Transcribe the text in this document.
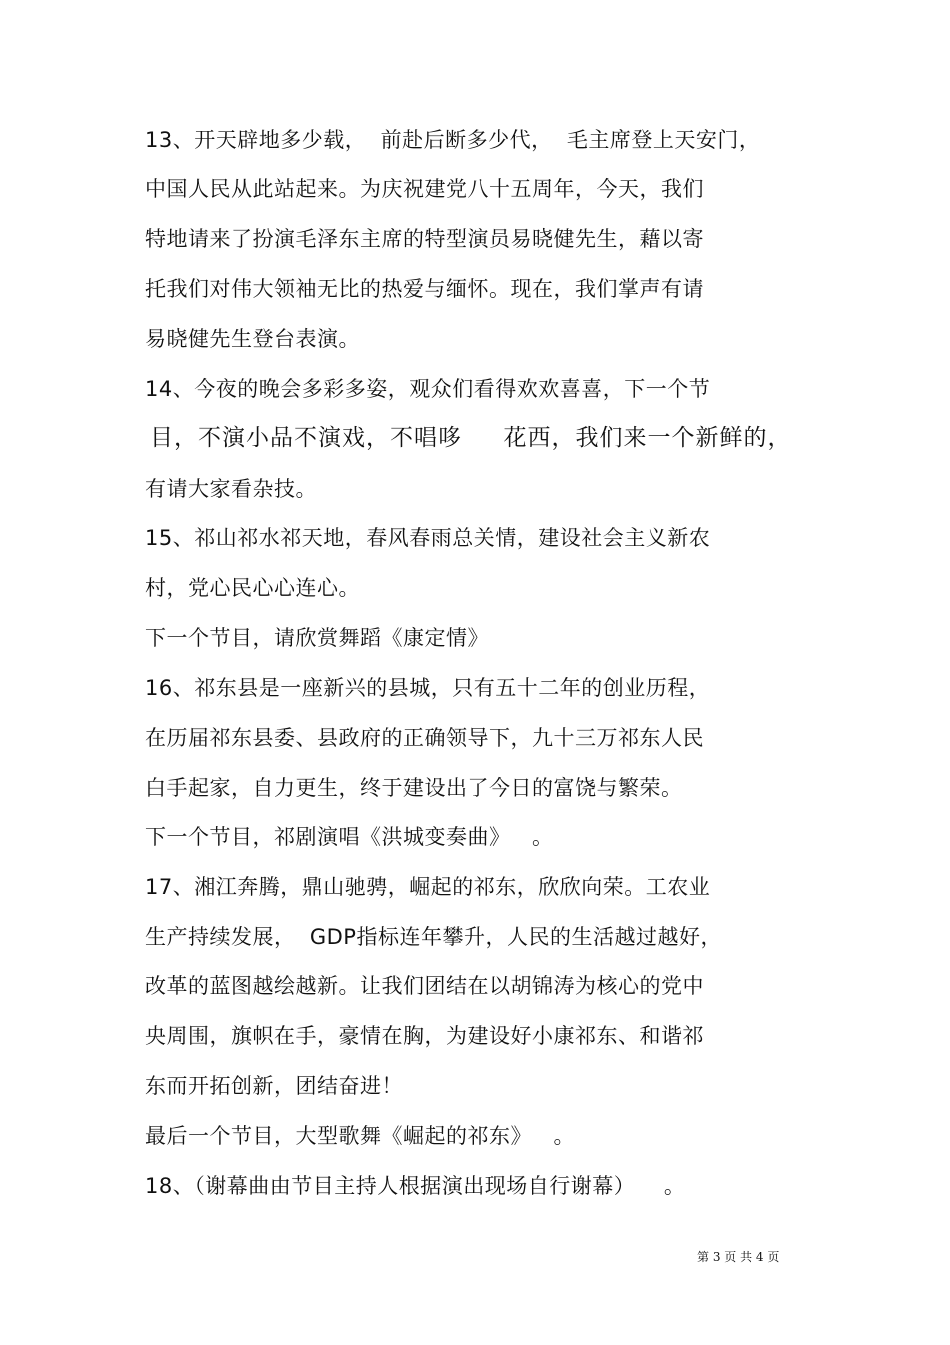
13、开天辟地多少载，  前赴后断多少代，  毛主席登上天安门，
中国人民从此站起来。为庆祝建党八十五周年，今天，我们
特地请来了扮演毛泽东主席的特型演员易晓健先生，藉以寄
托我们对伟大领袖无比的热爱与缅怀。现在，我们掌声有请
易晓健先生登台表演。
14、今夜的晚会多彩多姿，观众们看得欢欢喜喜，下一个节
目，不演小品不演戏，不唱哆     花西，我们来一个新鲜的，
有请大家看杂技。
15、祁山祁水祁天地，春风春雨总关情，建设社会主义新农
村，党心民心心连心。
下一个节目，请欣赏舞蹈《康定情》
16、祁东县是一座新兴的县城，只有五十二年的创业历程，
在历届祁东县委、县政府的正确领导下，九十三万祁东人民
白手起家，自力更生，终于建设出了今日的富饶与繁荣。
下一个节目，祁剧演唱《洪城变奏曲》   。
17、湘江奔腾，鼎山驰骋，崛起的祁东，欣欣向荣。工农业
生产持续发展，  GDP指标连年攀升，人民的生活越过越好，
改革的蓝图越绘越新。让我们团结在以胡锦涛为核心的党中
央周围，旗帜在手，豪情在胸，为建设好小康祁东、和谐祁
东而开拓创新，团结奋进！
最后一个节目，大型歌舞《崛起的祁东》   。
18、（谢幕曲由节目主持人根据演出现场自行谢幕）    。
第 3 页 共 4 页
